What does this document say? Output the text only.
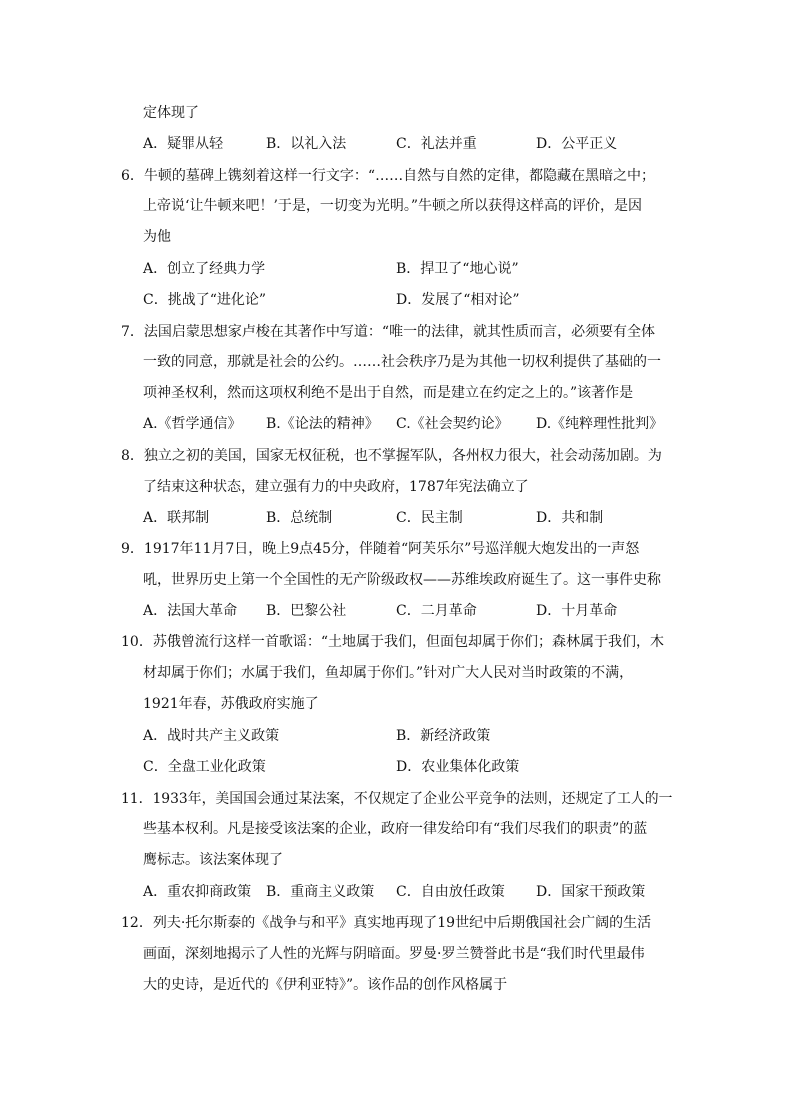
定体现了
A．疑罪从轻	B．以礼入法	C．礼法并重	D．公平正义
6．牛顿的墓碑上镌刻着这样一行文字：“……自然与自然的定律，都隐藏在黑暗之中；
上帝说‘让牛顿来吧！’于是，一切变为光明。”牛顿之所以获得这样高的评价，是因
为他
A．创立了经典力学	B．捍卫了“地心说”
C．挑战了“进化论”	D．发展了“相对论”
7．法国启蒙思想家卢梭在其著作中写道：“唯一的法律，就其性质而言，必须要有全体
一致的同意，那就是社会的公约。……社会秩序乃是为其他一切权利提供了基础的一
项神圣权利，然而这项权利绝不是出于自然，而是建立在约定之上的。”该著作是
A.《哲学通信》 B.《论法的精神》 C.《社会契约论》 D.《纯粹理性批判》
8．独立之初的美国，国家无权征税，也不掌握军队，各州权力很大，社会动荡加剧。为
了结束这种状态，建立强有力的中央政府，1787年宪法确立了
A．联邦制	B．总统制	C．民主制	D．共和制
9．1917年11月7日，晚上9点45分，伴随着“阿芙乐尔”号巡洋舰大炮发出的一声怒
吼，世界历史上第一个全国性的无产阶级政权——苏维埃政府诞生了。这一事件史称
A．法国大革命 B．巴黎公社	C．二月革命	D．十月革命
10．苏俄曾流行这样一首歌谣：“土地属于我们，但面包却属于你们；森林属于我们，木
材却属于你们；水属于我们，鱼却属于你们。”针对广大人民对当时政策的不满，
1921年春，苏俄政府实施了
A．战时共产主义政策	B．新经济政策
C．全盘工业化政策	D．农业集体化政策
11．1933年，美国国会通过某法案，不仅规定了企业公平竞争的法则，还规定了工人的一
些基本权利。凡是接受该法案的企业，政府一律发给印有“我们尽我们的职责”的蓝
鹰标志。该法案体现了
A．重农抑商政策 B．重商主义政策 C．自由放任政策 D．国家干预政策
12．列夫·托尔斯泰的《战争与和平》真实地再现了19世纪中后期俄国社会广阔的生活
画面，深刻地揭示了人性的光辉与阴暗面。罗曼·罗兰赞誉此书是“我们时代里最伟
大的史诗，是近代的《伊利亚特》”。该作品的创作风格属于
